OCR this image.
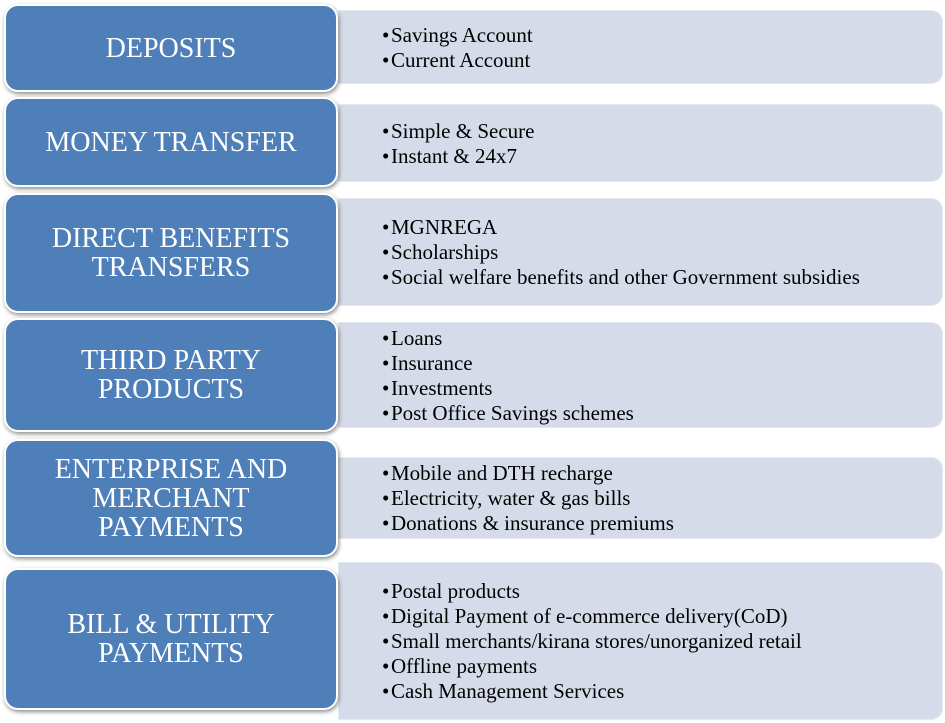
• Savings Account
• Current Account
DEPOSITS
• Simple & Secure
• Instant & 24x7
MONEY TRANSFER
• MGNREGA
• Scholarships
• Social welfare benefits and other Government subsidies
DIRECT BENEFITS
TRANSFERS
• Loans
• Insurance
• Investments
• Post Office Savings schemes
THIRD PARTY
PRODUCTS
• Mobile and DTH recharge
• Electricity, water & gas bills
• Donations & insurance premiums
ENTERPRISE AND
MERCHANT
PAYMENTS
• Postal products
• Digital Payment of e-commerce delivery(CoD)
• Small merchants/kirana stores/unorganized retail
• Offline payments
• Cash Management Services
BILL & UTILITY
PAYMENTS
